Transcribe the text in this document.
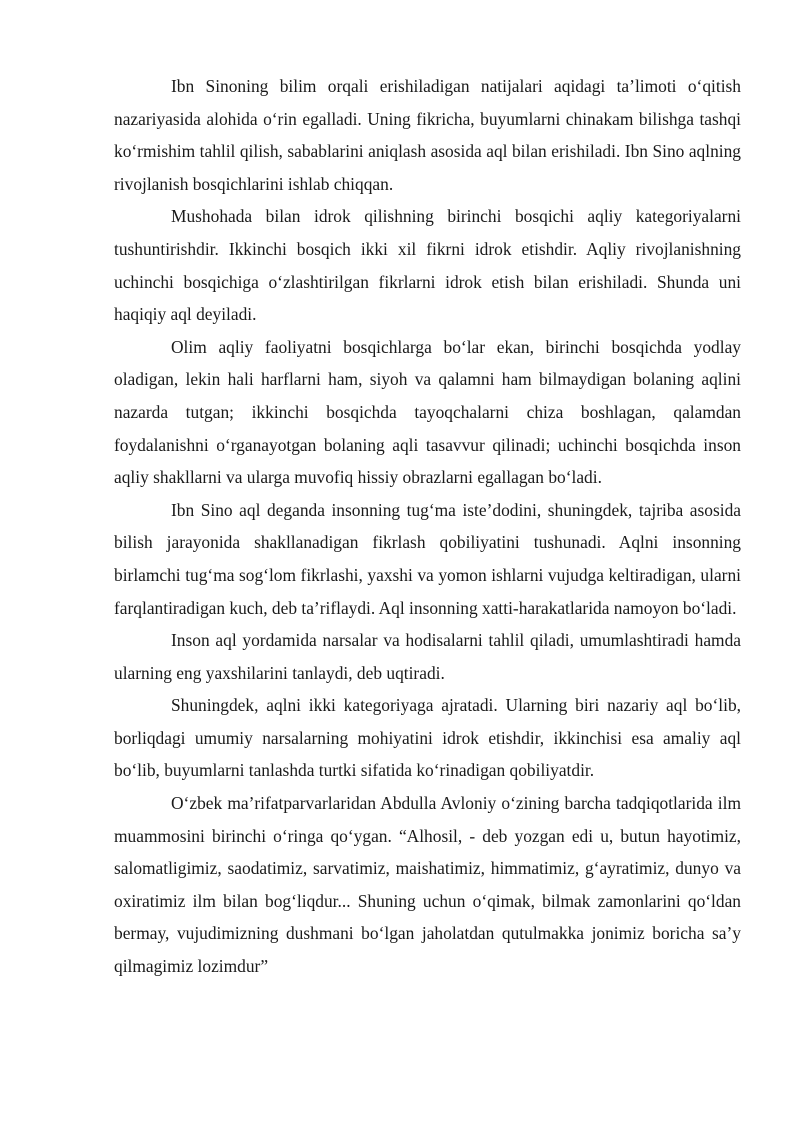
Ibn Sinoning bilim orqali erishiladigan natijalari aqidagi ta’limoti o‘qitish nazariyasida alohida o‘rin egalladi. Uning fikricha, buyumlarni chinakam bilishga tashqi ko‘rmishim tahlil qilish, sabablarini aniqlash asosida aql bilan erishiladi. Ibn Sino aqlning rivojlanish bosqichlarini ishlab chiqqan.

Mushohada bilan idrok qilishning birinchi bosqichi aqliy kategoriyalarni tushuntirishdir. Ikkinchi bosqich ikki xil fikrni idrok etishdir. Aqliy rivojlanishning uchinchi bosqichiga o‘zlashtirilgan fikrlarni idrok etish bilan erishiladi. Shunda uni haqiqiy aql deyiladi.

Olim aqliy faoliyatni bosqichlarga bo‘lar ekan, birinchi bosqichda yodlay oladigan, lekin hali harflarni ham, siyoh va qalamni ham bilmaydigan bolaning aqlini nazarda tutgan; ikkinchi bosqichda tayoqchalarni chiza boshlagan, qalamdan foydalanishni o‘rganayotgan bolaning aqli tasavvur qilinadi; uchinchi bosqichda inson aqliy shakllarni va ularga muvofiq hissiy obrazlarni egallagan bo‘ladi.

Ibn Sino aql deganda insonning tug‘ma iste’dodini, shuningdek, tajriba asosida bilish jarayonida shakllanadigan fikrlash qobiliyatini tushunadi. Aqlni insonning birlamchi tug‘ma sog‘lom fikrlashi, yaxshi va yomon ishlarni vujudga keltiradigan, ularni farqlantiradigan kuch, deb ta’riflaydi. Aql insonning xatti-harakatlarida namoyon bo‘ladi.

Inson aql yordamida narsalar va hodisalarni tahlil qiladi, umumlashtiradi hamda ularning eng yaxshilarini tanlaydi, deb uqtiradi.

Shuningdek, aqlni ikki kategoriyaga ajratadi. Ularning biri nazariy aql bo‘lib, borliqdagi umumiy narsalarning mohiyatini idrok etishdir, ikkinchisi esa amaliy aql bo‘lib, buyumlarni tanlashda turtki sifatida ko‘rinadigan qobiliyatdir.

O‘zbek ma’rifatparvarlaridan Abdulla Avloniy o‘zining barcha tadqiqotlarida ilm muammosini birinchi o‘ringa qo‘ygan. “Alhosil, - deb yozgan edi u, butun hayotimiz, salomatligimiz, saodatimiz, sarvatimiz, maishatimiz, himmatimiz, g‘ayratimiz, dunyo va oxiratimiz ilm bilan bog‘liqdur... Shuning uchun o‘qimak, bilmak zamonlarini qo‘ldan bermay, vujudimizning dushmani bo‘lgan jaholatdan qutulmakka jonimiz boricha sa’y qilmagimiz lozimdur”
